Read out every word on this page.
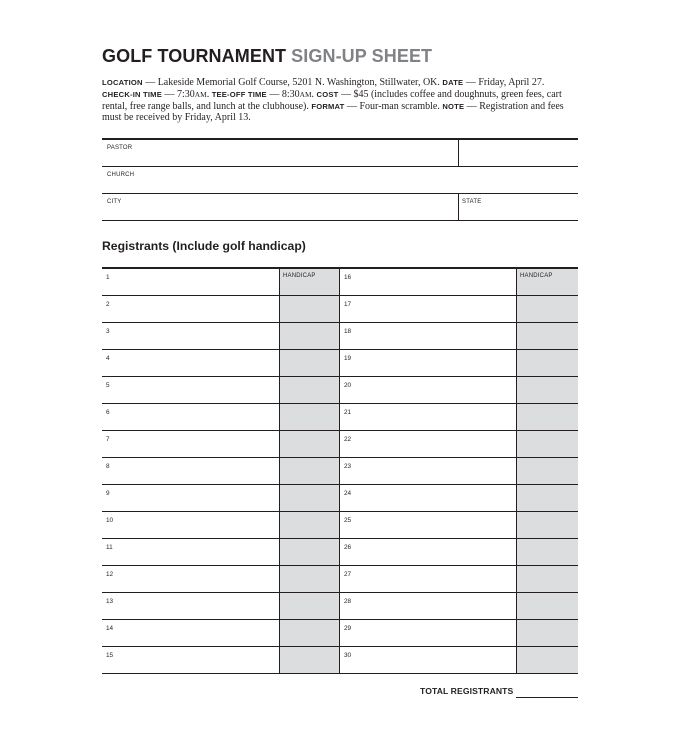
GOLF TOURNAMENT SIGN-UP SHEET
LOCATION — Lakeside Memorial Golf Course, 5201 N. Washington, Stillwater, OK. DATE — Friday, April 27.
CHECK-IN TIME — 7:30AM. TEE-OFF TIME — 8:30AM. COST — $45 (includes coffee and doughnuts, green fees, cart rental, free range balls, and lunch at the clubhouse). FORMAT — Four-man scramble. NOTE — Registration and fees must be received by Friday, April 13.
PASTOR
CHURCH
CITY	STATE
Registrants (Include golf handicap)
1	HANDICAP	16	HANDICAP
2	17
3	18
4	19
5	20
6	21
7	22
8	23
9	24
10	25
11	26
12	27
13	28
14	29
15	30
TOTAL REGISTRANTS
